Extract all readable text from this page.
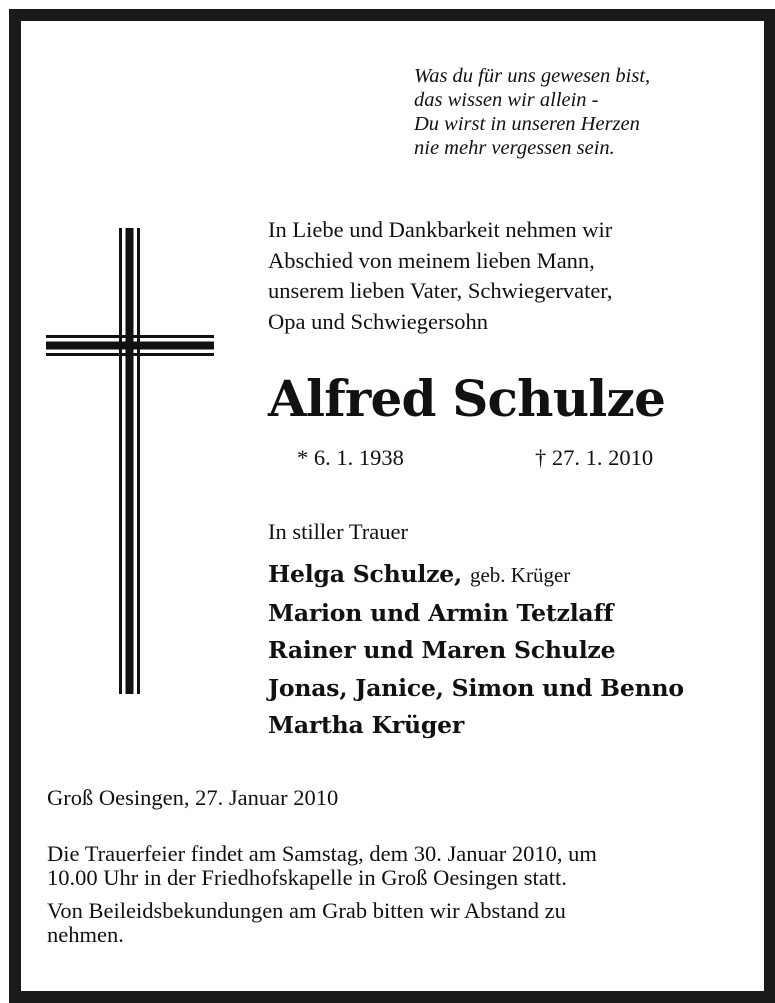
Was du für uns gewesen bist,
das wissen wir allein -
Du wirst in unseren Herzen
nie mehr vergessen sein.
In Liebe und Dankbarkeit nehmen wir
Abschied von meinem lieben Mann,
unserem lieben Vater, Schwiegervater,
Opa und Schwiegersohn
Alfred Schulze
* 6. 1. 1938	† 27. 1. 2010
In stiller Trauer
Helga Schulze, geb. Krüger
Marion und Armin Tetzlaff
Rainer und Maren Schulze
Jonas, Janice, Simon und Benno
Martha Krüger
Groß Oesingen, 27. Januar 2010
Die Trauerfeier findet am Samstag, dem 30. Januar 2010, um
10.00 Uhr in der Friedhofskapelle in Groß Oesingen statt.
Von Beileidsbekundungen am Grab bitten wir Abstand zu
nehmen.
